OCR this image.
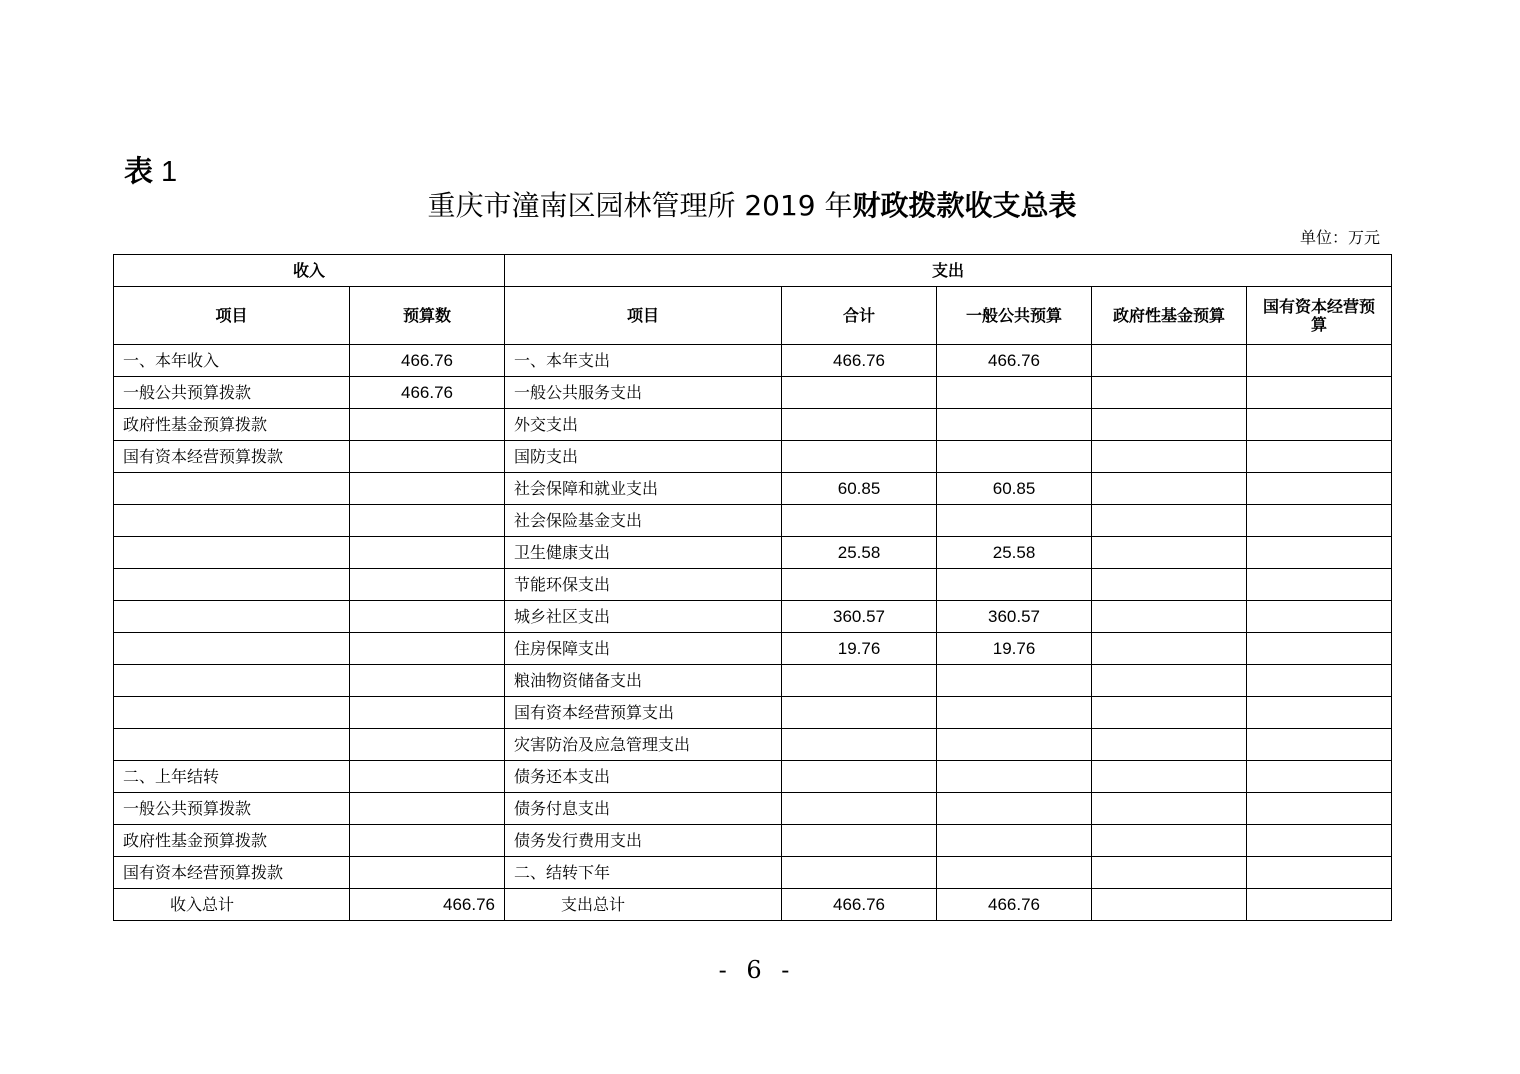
表 1
重庆市潼南区园林管理所 2019 年财政拨款收支总表
单位：万元
收入		支出				
项目	预算数	项目	合计	一般公共预算	政府性基金预算	国有资本经营预算
一、本年收入	466.76	一、本年支出	466.76	466.76		
一般公共预算拨款	466.76	一般公共服务支出				
政府性基金预算拨款		外交支出				
国有资本经营预算拨款		国防支出				
		社会保障和就业支出	60.85	60.85		
		社会保险基金支出				
		卫生健康支出	25.58	25.58		
		节能环保支出				
		城乡社区支出	360.57	360.57		
		住房保障支出	19.76	19.76		
		粮油物资储备支出				
		国有资本经营预算支出				
		灾害防治及应急管理支出				
二、上年结转		债务还本支出				
一般公共预算拨款		债务付息支出				
政府性基金预算拨款		债务发行费用支出				
国有资本经营预算拨款		二、结转下年				
收入总计	466.76	支出总计	466.76	466.76		
- 6 -
